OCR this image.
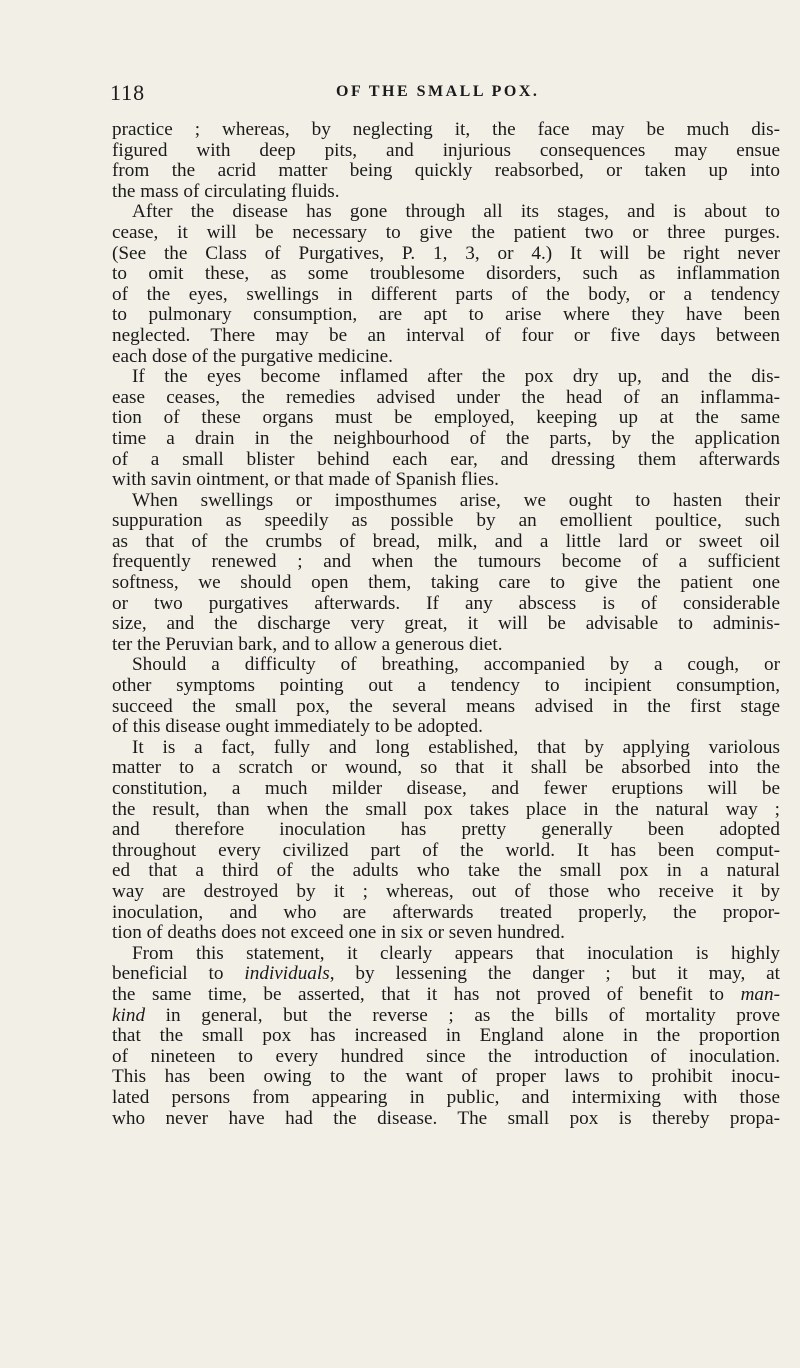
118	OF THE SMALL POX.
practice ; whereas, by neglecting it, the face may be much dis-
figured with deep pits, and injurious consequences may ensue
from the acrid matter being quickly reabsorbed, or taken up into
the mass of circulating fluids.
After the disease has gone through all its stages, and is about to
cease, it will be necessary to give the patient two or three purges.
(See the Class of Purgatives, P. 1, 3, or 4.) It will be right never
to omit these, as some troublesome disorders, such as inflammation
of the eyes, swellings in different parts of the body, or a tendency
to pulmonary consumption, are apt to arise where they have been
neglected. There may be an interval of four or five days between
each dose of the purgative medicine.
If the eyes become inflamed after the pox dry up, and the dis-
ease ceases, the remedies advised under the head of an inflamma-
tion of these organs must be employed, keeping up at the same
time a drain in the neighbourhood of the parts, by the application
of a small blister behind each ear, and dressing them afterwards
with savin ointment, or that made of Spanish flies.
When swellings or imposthumes arise, we ought to hasten their
suppuration as speedily as possible by an emollient poultice, such
as that of the crumbs of bread, milk, and a little lard or sweet oil
frequently renewed ; and when the tumours become of a sufficient
softness, we should open them, taking care to give the patient one
or two purgatives afterwards. If any abscess is of considerable
size, and the discharge very great, it will be advisable to adminis-
ter the Peruvian bark, and to allow a generous diet.
Should a difficulty of breathing, accompanied by a cough, or
other symptoms pointing out a tendency to incipient consumption,
succeed the small pox, the several means advised in the first stage
of this disease ought immediately to be adopted.
It is a fact, fully and long established, that by applying variolous
matter to a scratch or wound, so that it shall be absorbed into the
constitution, a much milder disease, and fewer eruptions will be
the result, than when the small pox takes place in the natural way ;
and therefore inoculation has pretty generally been adopted
throughout every civilized part of the world. It has been comput-
ed that a third of the adults who take the small pox in a natural
way are destroyed by it ; whereas, out of those who receive it by
inoculation, and who are afterwards treated properly, the propor-
tion of deaths does not exceed one in six or seven hundred.
From this statement, it clearly appears that inoculation is highly
beneficial to individuals, by lessening the danger ; but it may, at
the same time, be asserted, that it has not proved of benefit to man-
kind in general, but the reverse ; as the bills of mortality prove
that the small pox has increased in England alone in the proportion
of nineteen to every hundred since the introduction of inoculation.
This has been owing to the want of proper laws to prohibit inocu-
lated persons from appearing in public, and intermixing with those
who never have had the disease. The small pox is thereby propa-
